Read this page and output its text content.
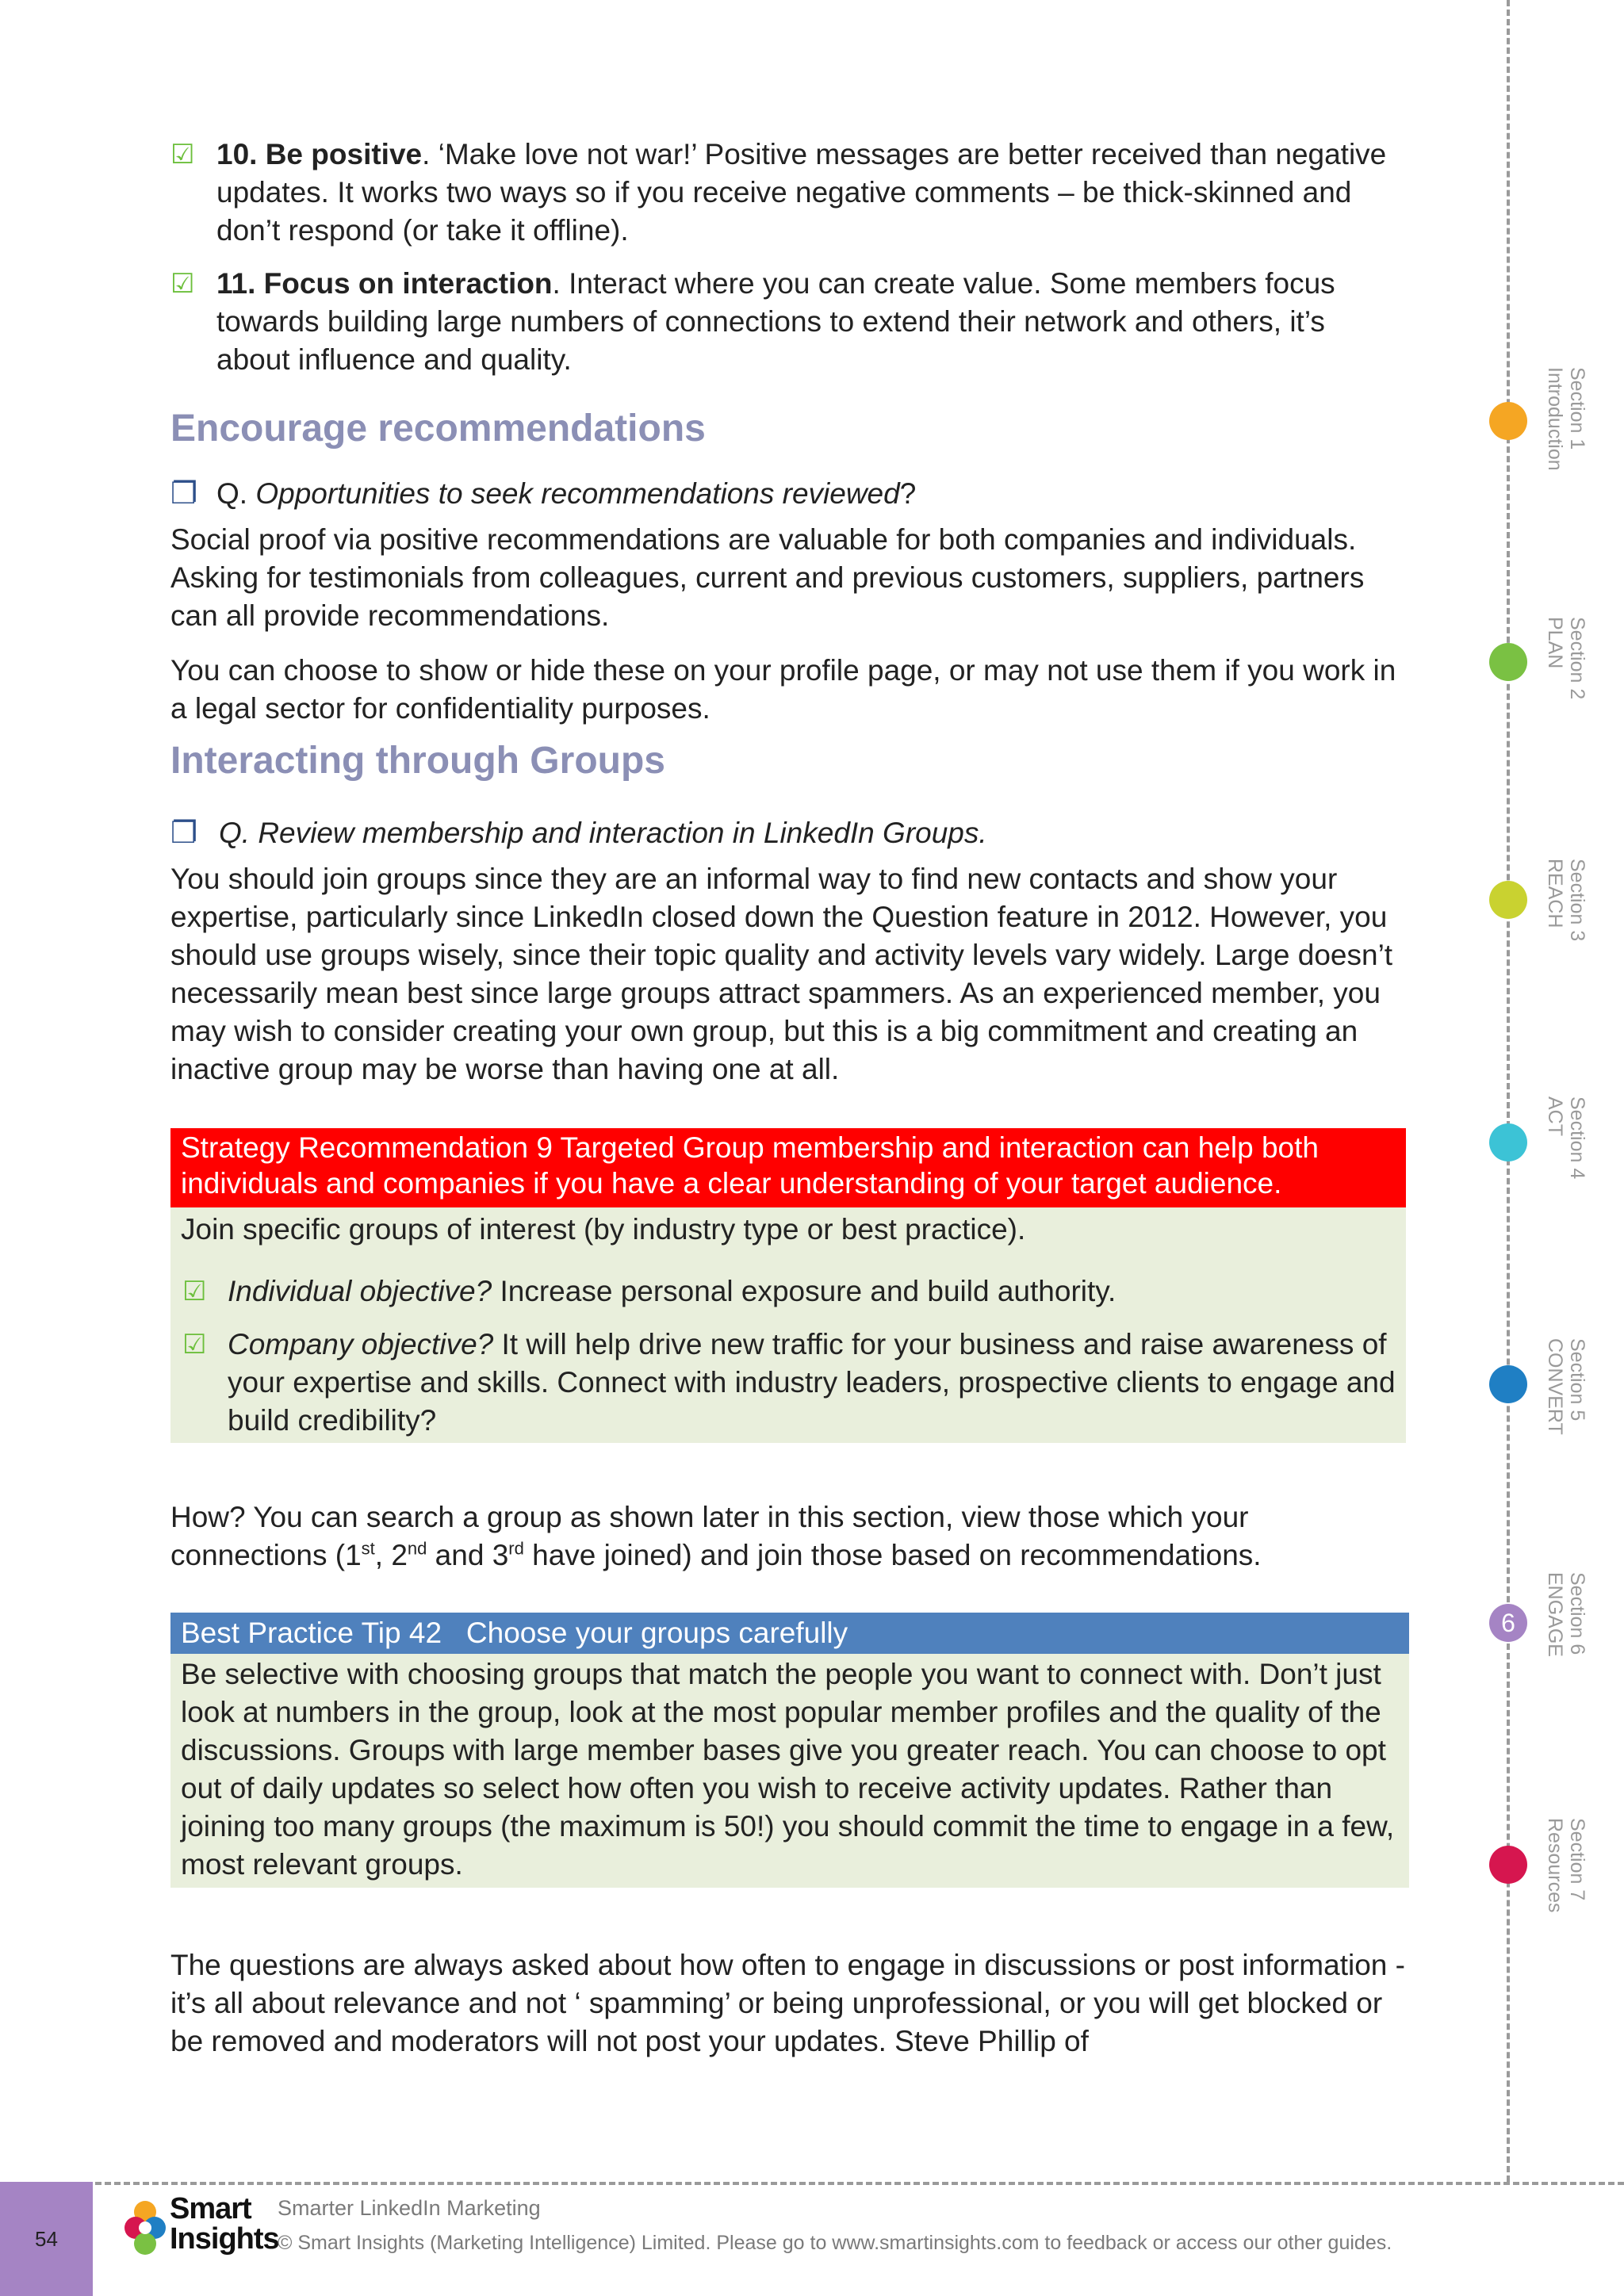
☑ 10. Be positive. ‘Make love not war!’ Positive messages are better received than negative updates. It works two ways so if you receive negative comments – be thick-skinned and don’t respond (or take it offline).
☑ 11. Focus on interaction. Interact where you can create value. Some members focus towards building large numbers of connections to extend their network and others, it’s about influence and quality.
Encourage recommendations
❐ Q. Opportunities to seek recommendations reviewed?
Social proof via positive recommendations are valuable for both companies and individuals. Asking for testimonials from colleagues, current and previous customers, suppliers, partners can all provide recommendations.
You can choose to show or hide these on your profile page, or may not use them if you work in a legal sector for confidentiality purposes.
Interacting through Groups
❐ Q. Review membership and interaction in LinkedIn Groups.
You should join groups since they are an informal way to find new contacts and show your expertise, particularly since LinkedIn closed down the Question feature in 2012. However, you should use groups wisely, since their topic quality and activity levels vary widely. Large doesn’t necessarily mean best since large groups attract spammers. As an experienced member, you may wish to consider creating your own group, but this is a big commitment and creating an inactive group may be worse than having one at all.
Strategy Recommendation 9 Targeted Group membership and interaction can help both individuals and companies if you have a clear understanding of your target audience.
Join specific groups of interest (by industry type or best practice).
☑ Individual objective? Increase personal exposure and build authority.
☑ Company objective? It will help drive new traffic for your business and raise awareness of your expertise and skills. Connect with industry leaders, prospective clients to engage and build credibility?
How? You can search a group as shown later in this section, view those which your connections (1st, 2nd and 3rd have joined) and join those based on recommendations.
Best Practice Tip 42 Choose your groups carefully
Be selective with choosing groups that match the people you want to connect with. Don’t just look at numbers in the group, look at the most popular member profiles and the quality of the discussions. Groups with large member bases give you greater reach. You can choose to opt out of daily updates so select how often you wish to receive activity updates. Rather than joining too many groups (the maximum is 50!) you should commit the time to engage in a few, most relevant groups.
The questions are always asked about how often to engage in discussions or post information - it’s all about relevance and not ‘ spamming’ or being unprofessional, or you will get blocked or be removed and moderators will not post your updates. Steve Phillip of
Section 1
Introduction
Section 2
PLAN
Section 3
REACH
Section 4
ACT
Section 5
CONVERT
6	Section 6
ENGAGE
Section 7
Resources
54
Smart
Insights
Smarter LinkedIn Marketing
© Smart Insights (Marketing Intelligence) Limited. Please go to www.smartinsights.com to feedback or access our other guides.
